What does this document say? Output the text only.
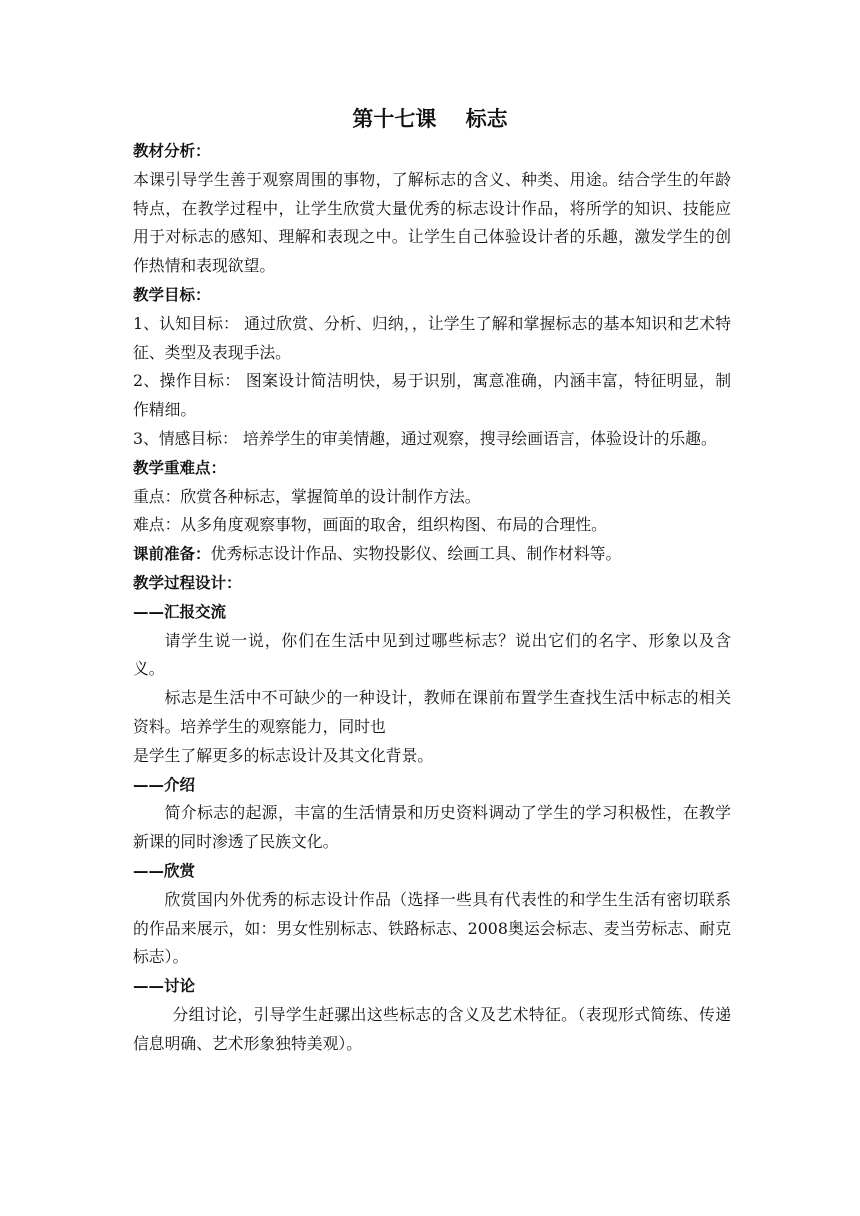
第十七课    标志

教材分析：

本课引导学生善于观察周围的事物，了解标志的含义、种类、用途。结合学生的年龄特点，在教学过程中，让学生欣赏大量优秀的标志设计作品，将所学的知识、技能应用于对标志的感知、理解和表现之中。让学生自己体验设计者的乐趣，激发学生的创作热情和表现欲望。

教学目标：

1、认知目标： 通过欣赏、分析、归纳，，让学生了解和掌握标志的基本知识和艺术特征、类型及表现手法。

2、操作目标： 图案设计简洁明快，易于识别，寓意准确，内涵丰富，特征明显，制作精细。

3、情感目标： 培养学生的审美情趣，通过观察，搜寻绘画语言，体验设计的乐趣。

教学重难点：

重点：欣赏各种标志，掌握简单的设计制作方法。

难点：从多角度观察事物，画面的取舍，组织构图、布局的合理性。

课前准备：优秀标志设计作品、实物投影仪、绘画工具、制作材料等。

教学过程设计：

——汇报交流

请学生说一说，你们在生活中见到过哪些标志？说出它们的名字、形象以及含义。

标志是生活中不可缺少的一种设计，教师在课前布置学生查找生活中标志的相关资料。培养学生的观察能力，同时也

是学生了解更多的标志设计及其文化背景。

——介绍

简介标志的起源，丰富的生活情景和历史资料调动了学生的学习积极性，在教学新课的同时渗透了民族文化。

——欣赏

欣赏国内外优秀的标志设计作品（选择一些具有代表性的和学生生活有密切联系的作品来展示，如：男女性别标志、铁路标志、2008奥运会标志、麦当劳标志、耐克标志）。

——讨论

分组讨论，引导学生赶骡出这些标志的含义及艺术特征。（表现形式简练、传递信息明确、艺术形象独特美观）。
